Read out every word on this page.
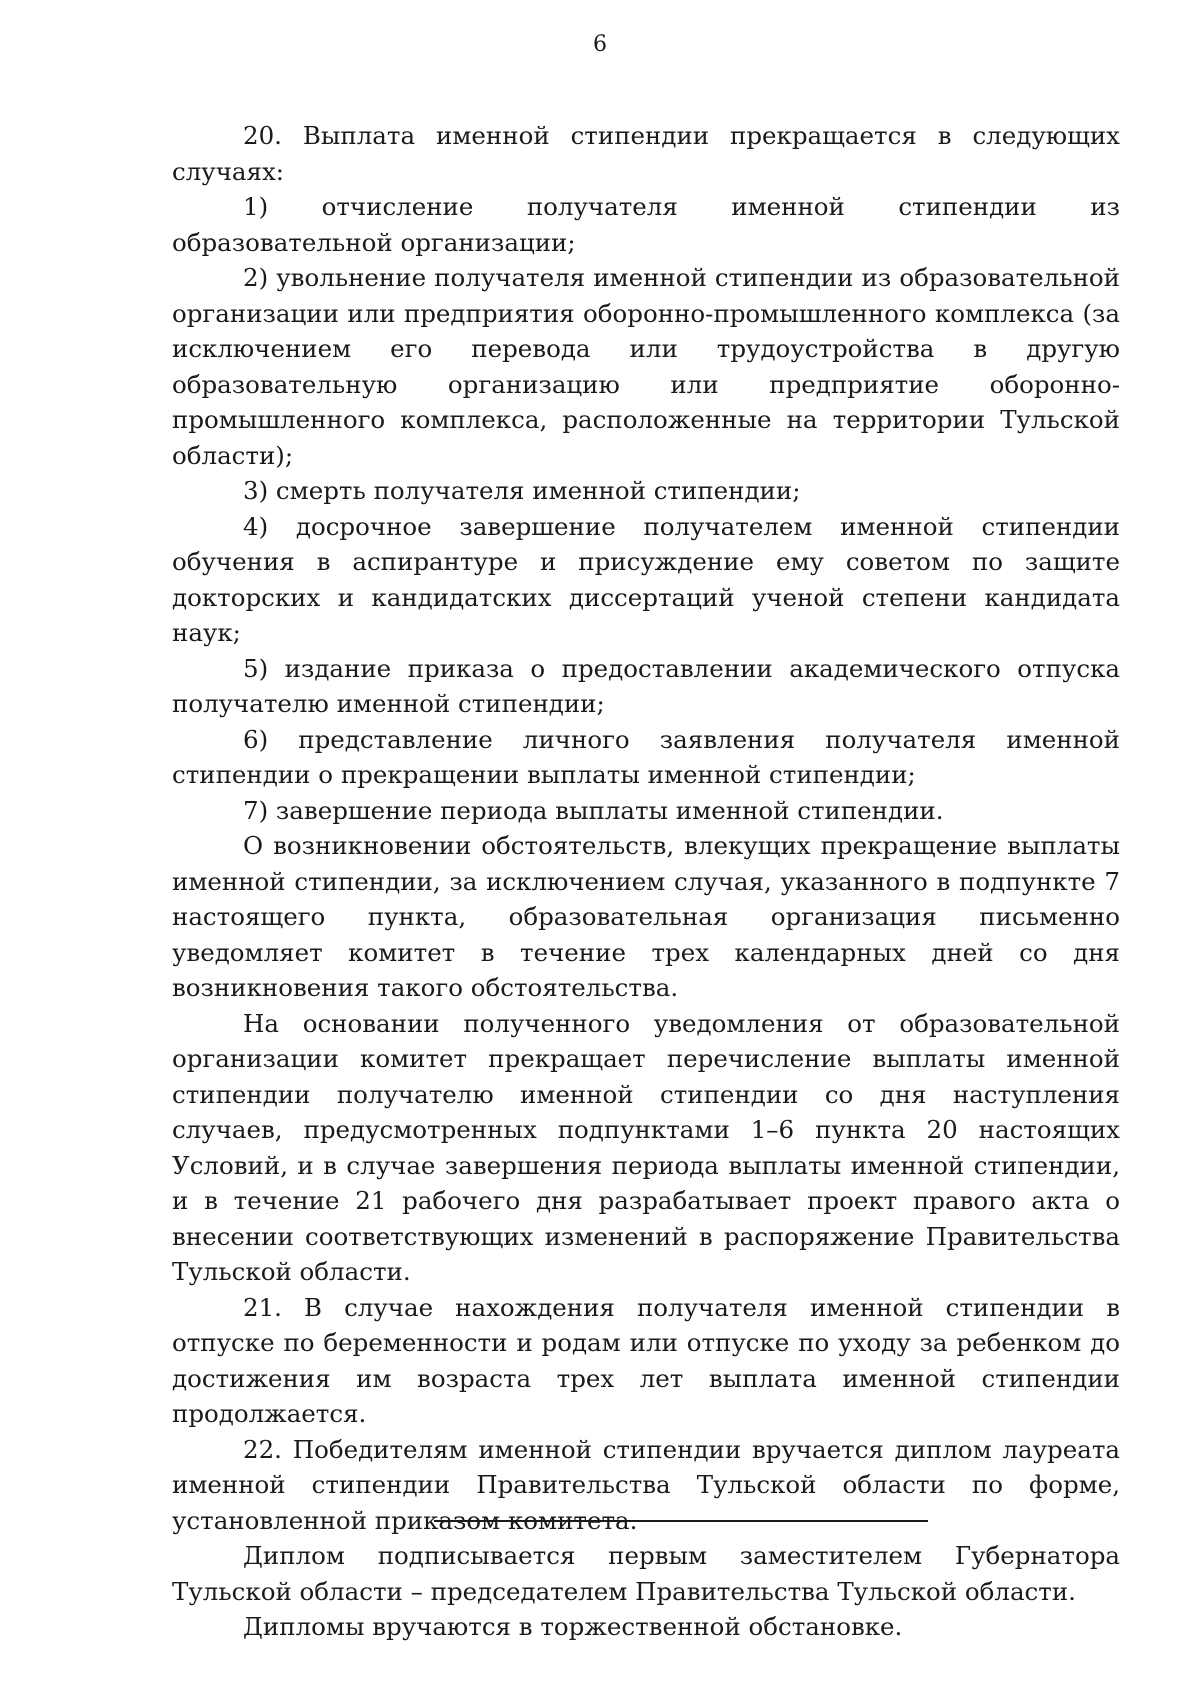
6

20. Выплата именной стипендии прекращается в следующих случаях:

1) отчисление получателя именной стипендии из образовательной организации;

2) увольнение получателя именной стипендии из образовательной организации или предприятия оборонно-промышленного комплекса (за исключением его перевода или трудоустройства в другую образовательную организацию или предприятие оборонно-промышленного комплекса, расположенные на территории Тульской области);

3) смерть получателя именной стипендии;

4) досрочное завершение получателем именной стипендии обучения в аспирантуре и присуждение ему советом по защите докторских и кандидатских диссертаций ученой степени кандидата наук;

5) издание приказа о предоставлении академического отпуска получателю именной стипендии;

6) представление личного заявления получателя именной стипендии о прекращении выплаты именной стипендии;

7) завершение периода выплаты именной стипендии.

О возникновении обстоятельств, влекущих прекращение выплаты именной стипендии, за исключением случая, указанного в подпункте 7 настоящего пункта, образовательная организация письменно уведомляет комитет в течение трех календарных дней со дня возникновения такого обстоятельства.

На основании полученного уведомления от образовательной организации комитет прекращает перечисление выплаты именной стипендии получателю именной стипендии со дня наступления случаев, предусмотренных подпунктами 1–6 пункта 20 настоящих Условий, и в случае завершения периода выплаты именной стипендии, и в течение 21 рабочего дня разрабатывает проект правого акта о внесении соответствующих изменений в распоряжение Правительства Тульской области.

21. В случае нахождения получателя именной стипендии в отпуске по беременности и родам или отпуске по уходу за ребенком до достижения им возраста трех лет выплата именной стипендии продолжается.

22. Победителям именной стипендии вручается диплом лауреата именной стипендии Правительства Тульской области по форме, установленной приказом комитета.

Диплом подписывается первым заместителем Губернатора Тульской области – председателем Правительства Тульской области.

Дипломы вручаются в торжественной обстановке.
